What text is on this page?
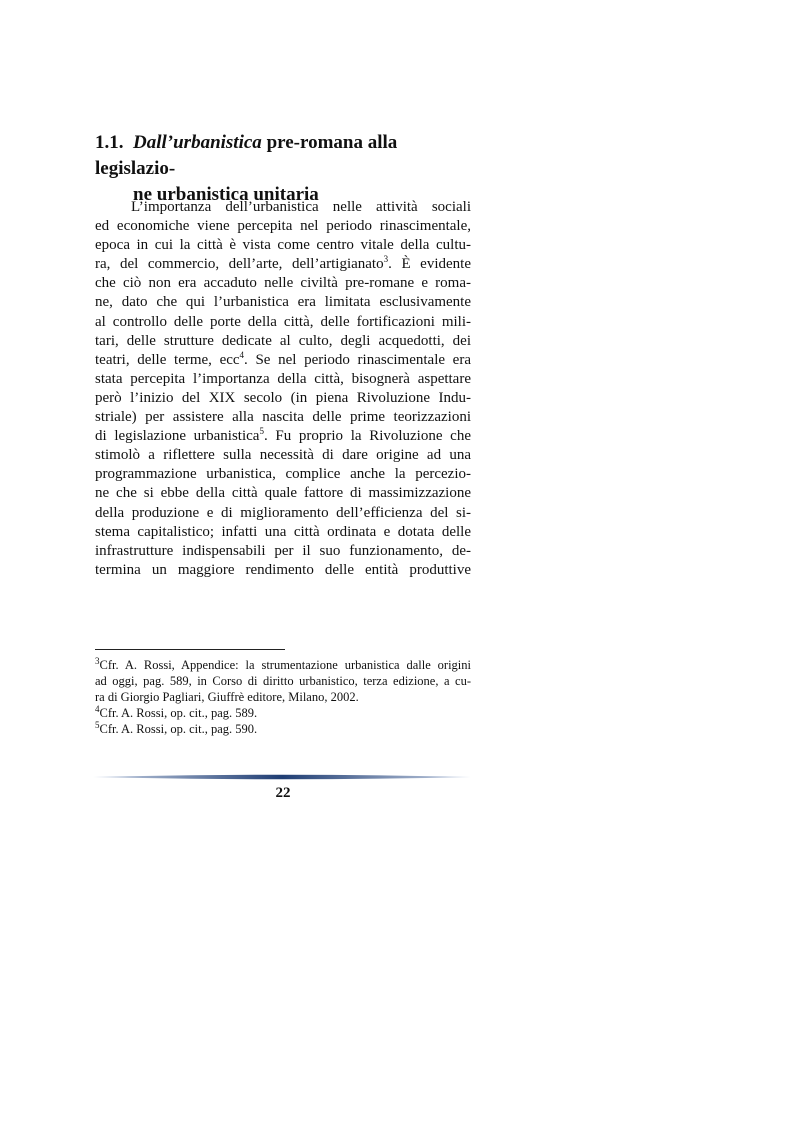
1.1. Dall’urbanistica pre-romana alla legislazio-
ne urbanistica unitaria
L’importanza dell’urbanistica nelle attività sociali
ed economiche viene percepita nel periodo rinascimentale,
epoca in cui la città è vista come centro vitale della cultu-
ra, del commercio, dell’arte, dell’artigianato$^3$. È evidente
che ciò non era accaduto nelle civiltà pre-romane e roma-
ne, dato che qui l’urbanistica era limitata esclusivamente
al controllo delle porte della città, delle fortificazioni mili-
tari, delle strutture dedicate al culto, degli acquedotti, dei
teatri, delle terme, ecc$^4$. Se nel periodo rinascimentale era
stata percepita l’importanza della città, bisognerà aspettare
però l’inizio del XIX secolo (in piena Rivoluzione Indu-
striale) per assistere alla nascita delle prime teorizzazioni
di legislazione urbanistica$^5$. Fu proprio la Rivoluzione che
stimolò a riflettere sulla necessità di dare origine ad una
programmazione urbanistica, complice anche la percezio-
ne che si ebbe della città quale fattore di massimizzazione
della produzione e di miglioramento dell’efficienza del si-
stema capitalistico; infatti una città ordinata e dotata delle
infrastrutture indispensabili per il suo funzionamento, de-
termina un maggiore rendimento delle entità produttive
$^3$Cfr. A. Rossi, Appendice: la strumentazione urbanistica dalle origini
ad oggi, pag. 589, in Corso di diritto urbanistico, terza edizione, a cu-
ra di Giorgio Pagliari, Giuffrè editore, Milano, 2002.
$^4$Cfr. A. Rossi, op. cit., pag. 589.
$^5$Cfr. A. Rossi, op. cit., pag. 590.
22
